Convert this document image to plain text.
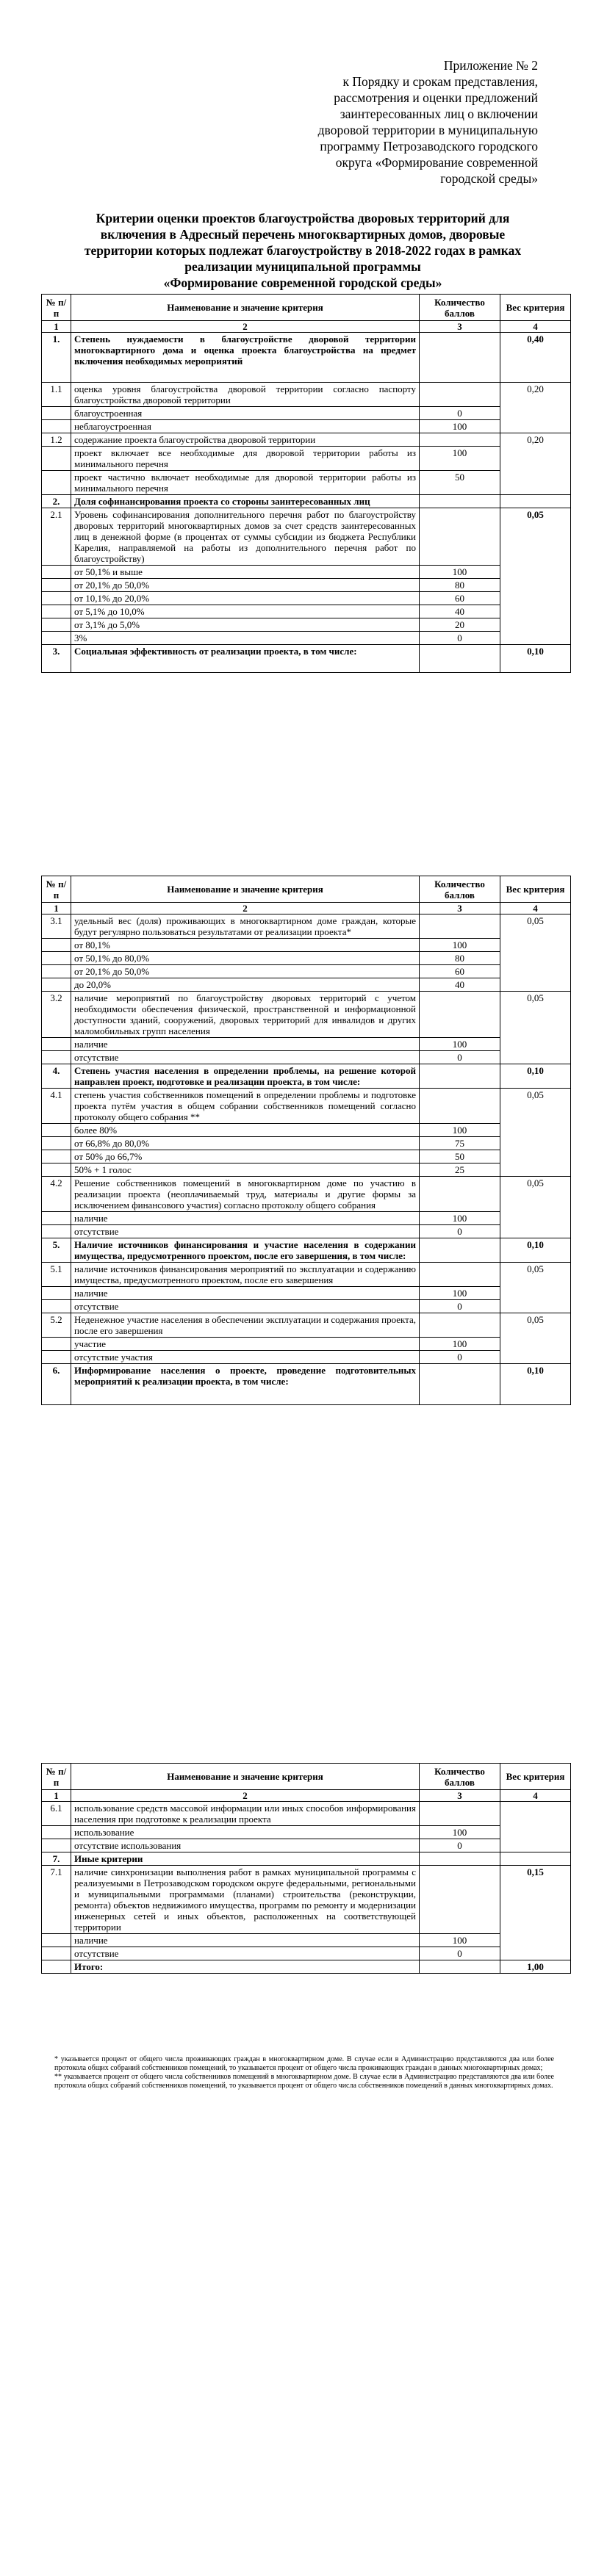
Приложение № 2
к Порядку и срокам представления,
рассмотрения и оценки предложений
заинтересованных лиц о включении
дворовой территории в муниципальную
программу Петрозаводского городского
округа «Формирование современной
городской среды»
Критерии оценки проектов благоустройства дворовых территорий для
включения в Адресный перечень многоквартирных домов, дворовые
территории которых подлежат благоустройству в 2018-2022 годах в рамках
реализации муниципальной программы
«Формирование современной городской среды»
№ п/п	Наименование и значение критерия	Количество баллов	Вес критерия
1	2	3	4
1.	Степень нуждаемости в благоустройстве дворовой территории многоквартирного дома и оценка проекта благоустройства на предмет включения необходимых мероприятий		0,40
1.1	оценка уровня благоустройства дворовой территории согласно паспорту благоустройства дворовой территории		0,20
	благоустроенная	0	
	неблагоустроенная	100	
1.2	содержание проекта благоустройства дворовой территории		0,20
	проект включает все необходимые для дворовой территории работы из минимального перечня	100	
	проект частично включает необходимые для дворовой территории работы из минимального перечня	50	
2.	Доля софинансирования проекта со стороны заинтересованных лиц		
2.1	Уровень софинансирования дополнительного перечня работ по благоустройству дворовых территорий многоквартирных домов за счет средств заинтересованных лиц в денежной форме (в процентах от суммы субсидии из бюджета Республики Карелия, направляемой на работы из дополнительного перечня работ по благоустройству)		0,05
	от 50,1% и выше	100	
	от 20,1% до 50,0%	80	
	от 10,1% до 20,0%	60	
	от 5,1% до 10,0%	40	
	от 3,1% до 5,0%	20	
	3%	0	
3.	Социальная эффективность от реализации проекта, в том числе:		0,10
№ п/п	Наименование и значение критерия	Количество баллов	Вес критерия
1	2	3	4
3.1	удельный вес (доля) проживающих в многоквартирном доме граждан, которые будут регулярно пользоваться результатами от реализации проекта*		0,05
	от 80,1%	100	
	от 50,1% до 80,0%	80	
	от 20,1% до 50,0%	60	
	до 20,0%	40	
3.2	наличие мероприятий по благоустройству дворовых территорий с учетом необходимости обеспечения физической, пространственной и информационной доступности зданий, сооружений, дворовых территорий для инвалидов и других маломобильных групп населения		0,05
	наличие	100	
	отсутствие	0	
4.	Степень участия населения в определении проблемы, на решение которой направлен проект, подготовке и реализации проекта, в том числе:		0,10
4.1	степень участия собственников помещений в определении проблемы и подготовке проекта путём участия в общем собрании собственников помещений согласно протоколу общего собрания **		0,05
	более 80%	100	
	от 66,8% до 80,0%	75	
	от 50% до 66,7%	50	
	50% + 1 голос	25	
4.2	Решение собственников помещений в многоквартирном доме по участию в реализации проекта (неоплачиваемый труд, материалы и другие формы за исключением финансового участия) согласно протоколу общего собрания		0,05
	наличие	100	
	отсутствие	0	
5.	Наличие источников финансирования и участие населения в содержании имущества, предусмотренного проектом, после его завершения, в том числе:		0,10
5.1	наличие источников финансирования мероприятий по эксплуатации и содержанию имущества, предусмотренного проектом, после его завершения		0,05
	наличие	100	
	отсутствие	0	
5.2	Неденежное участие населения в обеспечении эксплуатации и содержания проекта, после его завершения		0,05
	участие	100	
	отсутствие участия	0	
6.	Информирование населения о проекте, проведение подготовительных мероприятий к реализации проекта, в том числе:		0,10
№ п/п	Наименование и значение критерия	Количество баллов	Вес критерия
1	2	3	4
6.1	использование средств массовой информации или иных способов информирования населения при подготовке к реализации проекта		
	использование	100	
	отсутствие использования	0	
7.	Иные критерии		
7.1	наличие синхронизации выполнения работ в рамках муниципальной программы с реализуемыми в Петрозаводском городском округе федеральными, региональными и муниципальными программами (планами) строительства (реконструкции, ремонта) объектов недвижимого имущества, программ по ремонту и модернизации инженерных сетей и иных объектов, расположенных на соответствующей территории		0,15
	наличие	100	
	отсутствие	0	
	Итого:		1,00

* указывается процент от общего числа проживающих граждан в многоквартирном доме. В случае если в Администрацию представляются два или более протокола общих собраний собственников помещений, то указывается процент от общего числа проживающих граждан в данных многоквартирных домах;

** указывается процент от общего числа собственников помещений в многоквартирном доме. В случае если в Администрацию представляются два или более протокола общих собраний собственников помещений, то указывается процент от общего числа собственников помещений в данных многоквартирных домах.
